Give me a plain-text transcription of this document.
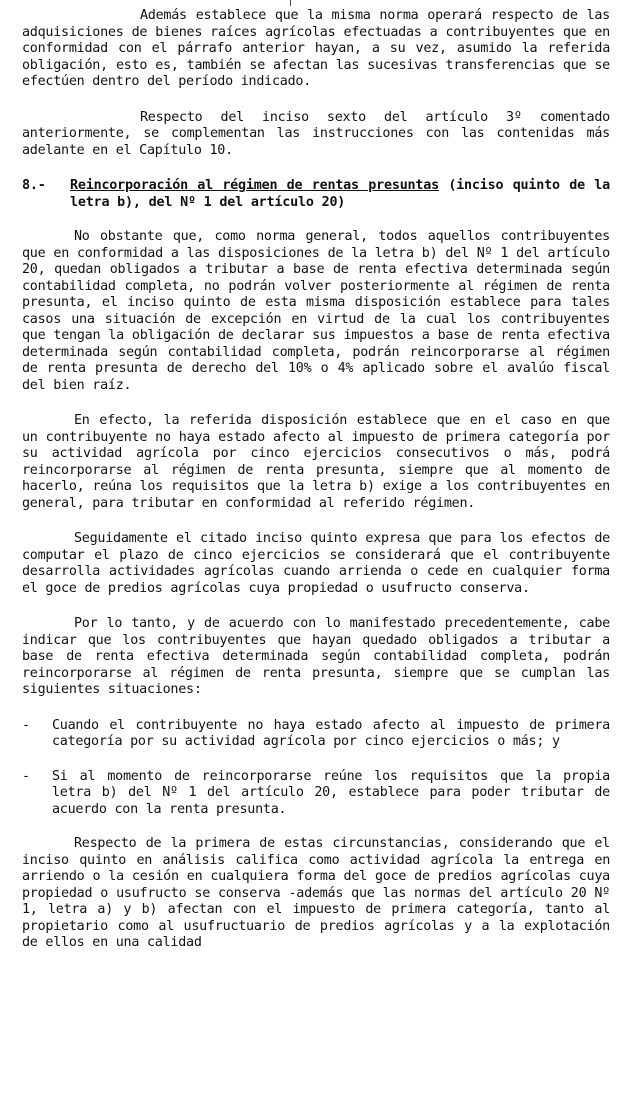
Además establece que la misma norma operará respecto de las adquisiciones de bienes raíces agrícolas efectuadas a contribuyentes que en conformidad con el párrafo anterior hayan, a su vez, asumido la referida obligación, esto es, también se afectan las sucesivas transferencias que se efectúen dentro del período indicado.

Respecto del inciso sexto del artículo 3º comentado anteriormente, se complementan las instrucciones con las contenidas más adelante en el Capítulo 10.

8.-	Reincorporación al régimen de rentas presuntas (inciso quinto de la letra b), del Nº 1 del artículo 20)

No obstante que, como norma general, todos aquellos contribuyentes que en conformidad a las disposiciones de la letra b) del Nº 1 del artículo 20, quedan obligados a tributar a base de renta efectiva determinada según contabilidad completa, no podrán volver posteriormente al régimen de renta presunta, el inciso quinto de esta misma disposición establece para tales casos una situación de excepción en virtud de la cual los contribuyentes que tengan la obligación de declarar sus impuestos a base de renta efectiva determinada según contabilidad completa, podrán reincorporarse al régimen de renta presunta de derecho del 10% o 4% aplicado sobre el avalúo fiscal del bien raíz.

En efecto, la referida disposición establece que en el caso en que un contribuyente no haya estado afecto al impuesto de primera categoría por su actividad agrícola por cinco ejercicios consecutivos o más, podrá reincorporarse al régimen de renta presunta, siempre que al momento de hacerlo, reúna los requisitos que la letra b) exige a los contribuyentes en general, para tributar en conformidad al referido régimen.

Seguidamente el citado inciso quinto expresa que para los efectos de computar el plazo de cinco ejercicios se considerará que el contribuyente desarrolla actividades agrícolas cuando arrienda o cede en cualquier forma el goce de predios agrícolas cuya propiedad o usufructo conserva.

Por lo tanto, y de acuerdo con lo manifestado precedentemente, cabe indicar que los contribuyentes que hayan quedado obligados a tributar a base de renta efectiva determinada según contabilidad completa, podrán reincorporarse al régimen de renta presunta, siempre que se cumplan las siguientes situaciones:

-	Cuando el contribuyente no haya estado afecto al impuesto de primera categoría por su actividad agrícola por cinco ejercicios o más; y
-	Si al momento de reincorporarse reúne los requisitos que la propia letra b) del Nº 1 del artículo 20, establece para poder tributar de acuerdo con la renta presunta.

Respecto de la primera de estas circunstancias, considerando que el inciso quinto en análisis califica como actividad agrícola la entrega en arriendo o la cesión en cualquiera forma del goce de predios agrícolas cuya propiedad o usufructo se conserva -además que las normas del artículo 20 Nº 1, letra a) y b) afectan con el impuesto de primera categoría, tanto al propietario como al usufructuario de predios agrícolas y a la explotación de ellos en una calidad
